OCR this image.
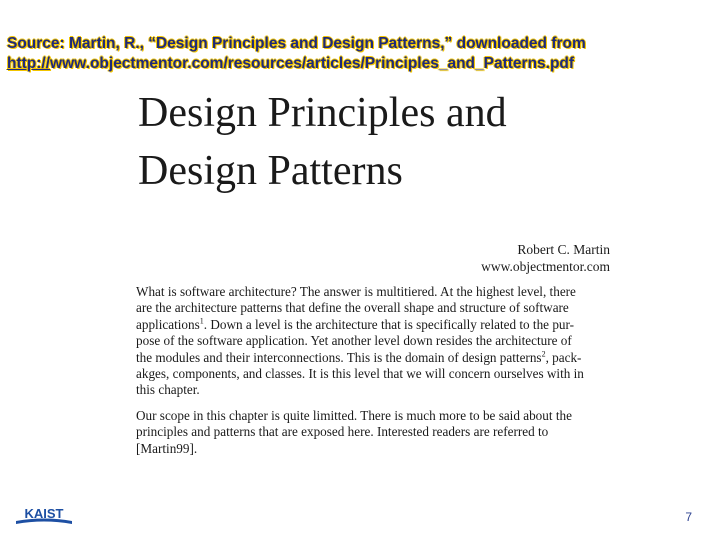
Source: Martin, R., “Design Principles and Design Patterns,” downloaded from
http://www.objectmentor.com/resources/articles/Principles_and_Patterns.pdf
Design Principles and
Design Patterns
Robert C. Martin
www.objectmentor.com

What is software architecture? The answer is multitiered. At the highest level, there
are the architecture patterns that define the overall shape and structure of software
applications$^1$. Down a level is the architecture that is specifically related to the pur-
pose of the software application. Yet another level down resides the architecture of
the modules and their interconnections. This is the domain of design patterns$^2$, pack-
akges, components, and classes. It is this level that we will concern ourselves with in
this chapter.

Our scope in this chapter is quite limitted. There is much more to be said about the
principles and patterns that are exposed here. Interested readers are referred to
[Martin99].

KAIST	7
